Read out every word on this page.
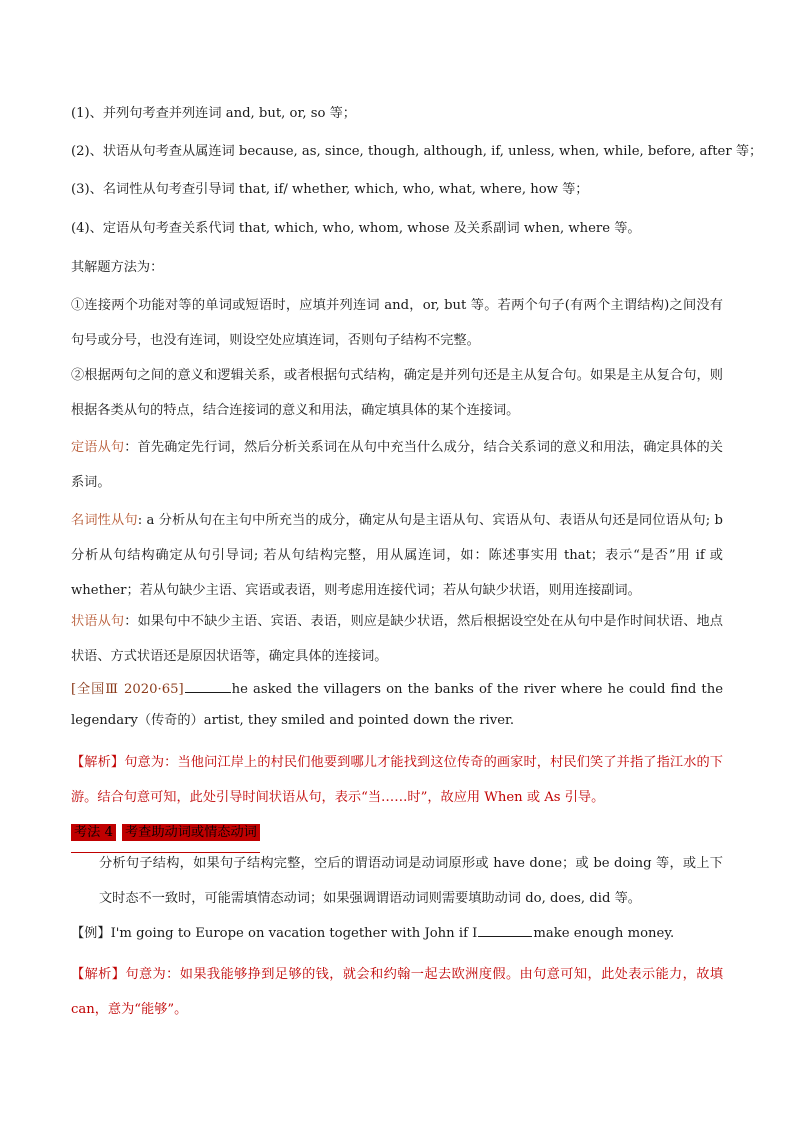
(1)、并列句考查并列连词 and, but, or, so 等；
(2)、状语从句考查从属连词 because, as, since, though, although, if, unless, when, while, before, after 等；
(3)、名词性从句考查引导词 that, if/ whether, which, who, what, where, how 等；
(4)、定语从句考查关系代词 that, which, who, whom, whose 及关系副词 when, where 等。
其解题方法为：
①连接两个功能对等的单词或短语时，应填并列连词 and，or, but 等。若两个句子(有两个主谓结构)之间没有句号或分号，也没有连词，则设空处应填连词，否则句子结构不完整。
②根据两句之间的意义和逻辑关系，或者根据句式结构，确定是并列句还是主从复合句。如果是主从复合句，则根据各类从句的特点，结合连接词的意义和用法，确定填具体的某个连接词。
定语从句：首先确定先行词，然后分析关系词在从句中充当什么成分，结合关系词的意义和用法，确定具体的关系词。
名词性从句: a 分析从句在主句中所充当的成分，确定从句是主语从句、宾语从句、表语从句还是同位语从句; b 分析从句结构确定从句引导词; 若从句结构完整，用从属连词，如：陈述事实用 that；表示“是否”用 if 或 whether；若从句缺少主语、宾语或表语，则考虑用连接代词；若从句缺少状语，则用连接副词。
状语从句：如果句中不缺少主语、宾语、表语，则应是缺少状语，然后根据设空处在从句中是作时间状语、地点状语、方式状语还是原因状语等，确定具体的连接词。
[全国Ⅲ 2020·65]	he asked the villagers on the banks of the river where he could find the legendary（传奇的）artist, they smiled and pointed down the river.
【解析】句意为：当他问江岸上的村民们他要到哪儿才能找到这位传奇的画家时，村民们笑了并指了指江水的下游。结合句意可知，此处引导时间状语从句，表示“当……时”，故应用 When 或 As 引导。
考法 4 考查助动词或情态动词
分析句子结构，如果句子结构完整，空后的谓语动词是动词原形或 have done；或 be doing 等，或上下文时态不一致时，可能需填情态动词；如果强调谓语动词则需要填助动词 do, does, did 等。
【例】I'm going to Europe on vacation together with John if I	make enough money.
【解析】句意为：如果我能够挣到足够的钱，就会和约翰一起去欧洲度假。由句意可知，此处表示能力，故填 can，意为“能够”。
